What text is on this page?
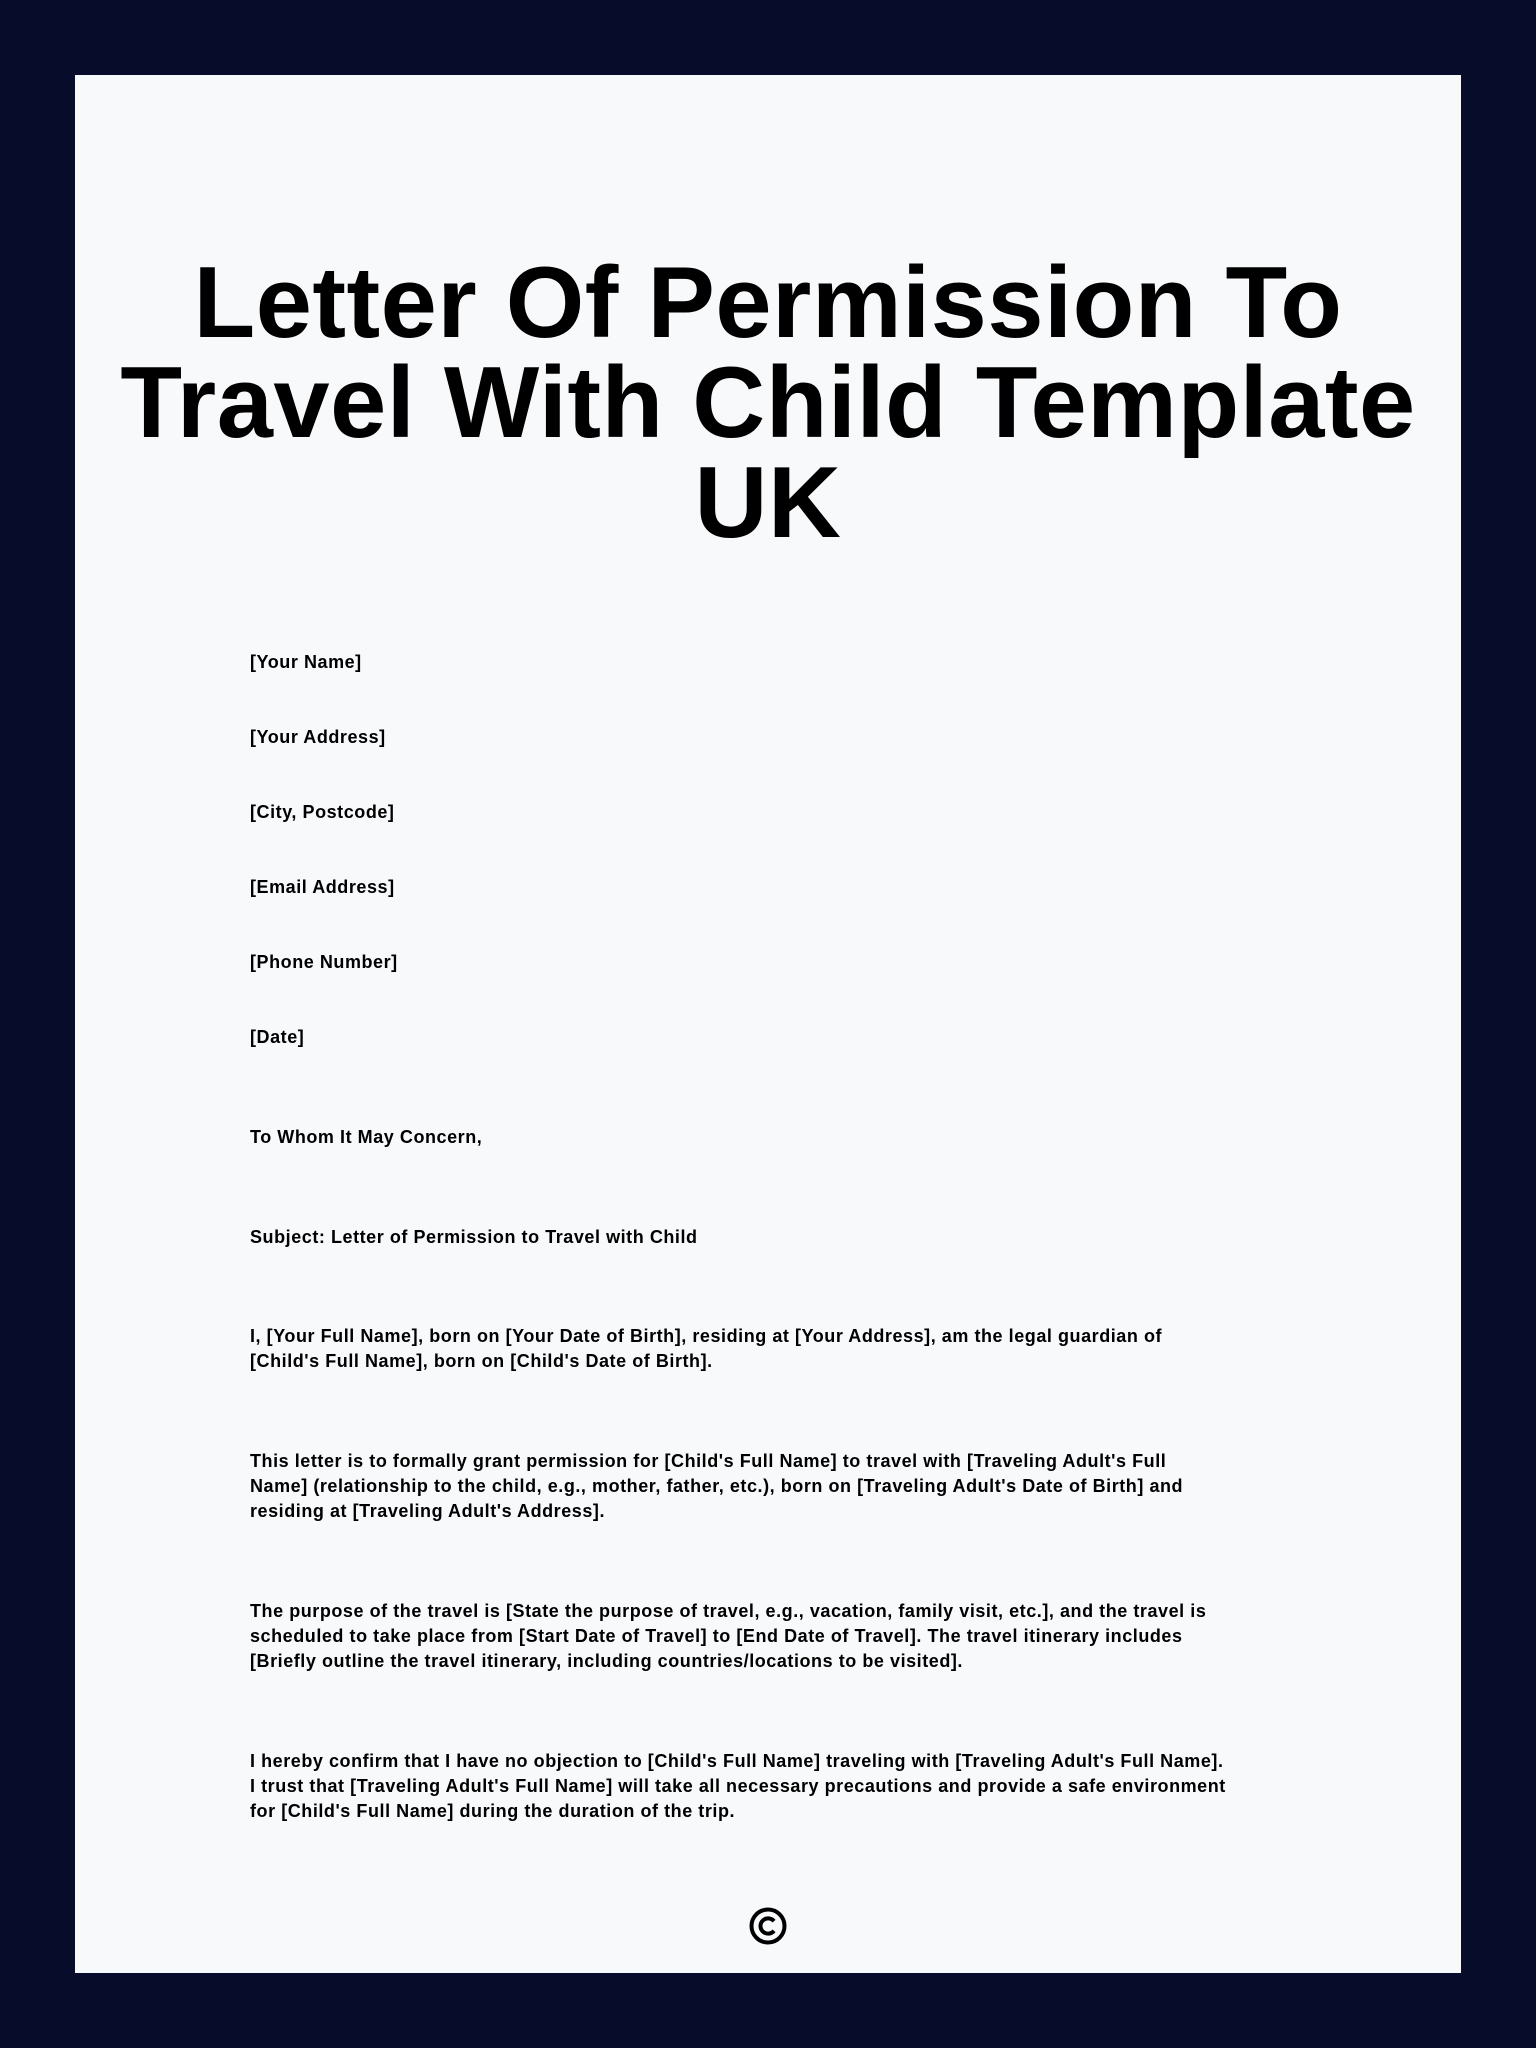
Letter Of Permission To
Travel With Child Template
UK

[Your Name]

[Your Address]

[City, Postcode]

[Email Address]

[Phone Number]

[Date]

To Whom It May Concern,

Subject: Letter of Permission to Travel with Child

I, [Your Full Name], born on [Your Date of Birth], residing at [Your Address], am the legal guardian of
[Child's Full Name], born on [Child's Date of Birth].
This letter is to formally grant permission for [Child's Full Name] to travel with [Traveling Adult's Full
Name] (relationship to the child, e.g., mother, father, etc.), born on [Traveling Adult's Date of Birth] and
residing at [Traveling Adult's Address].
The purpose of the travel is [State the purpose of travel, e.g., vacation, family visit, etc.], and the travel is
scheduled to take place from [Start Date of Travel] to [End Date of Travel]. The travel itinerary includes
[Briefly outline the travel itinerary, including countries/locations to be visited].
I hereby confirm that I have no objection to [Child's Full Name] traveling with [Traveling Adult's Full Name].
I trust that [Traveling Adult's Full Name] will take all necessary precautions and provide a safe environment
for [Child's Full Name] during the duration of the trip.
